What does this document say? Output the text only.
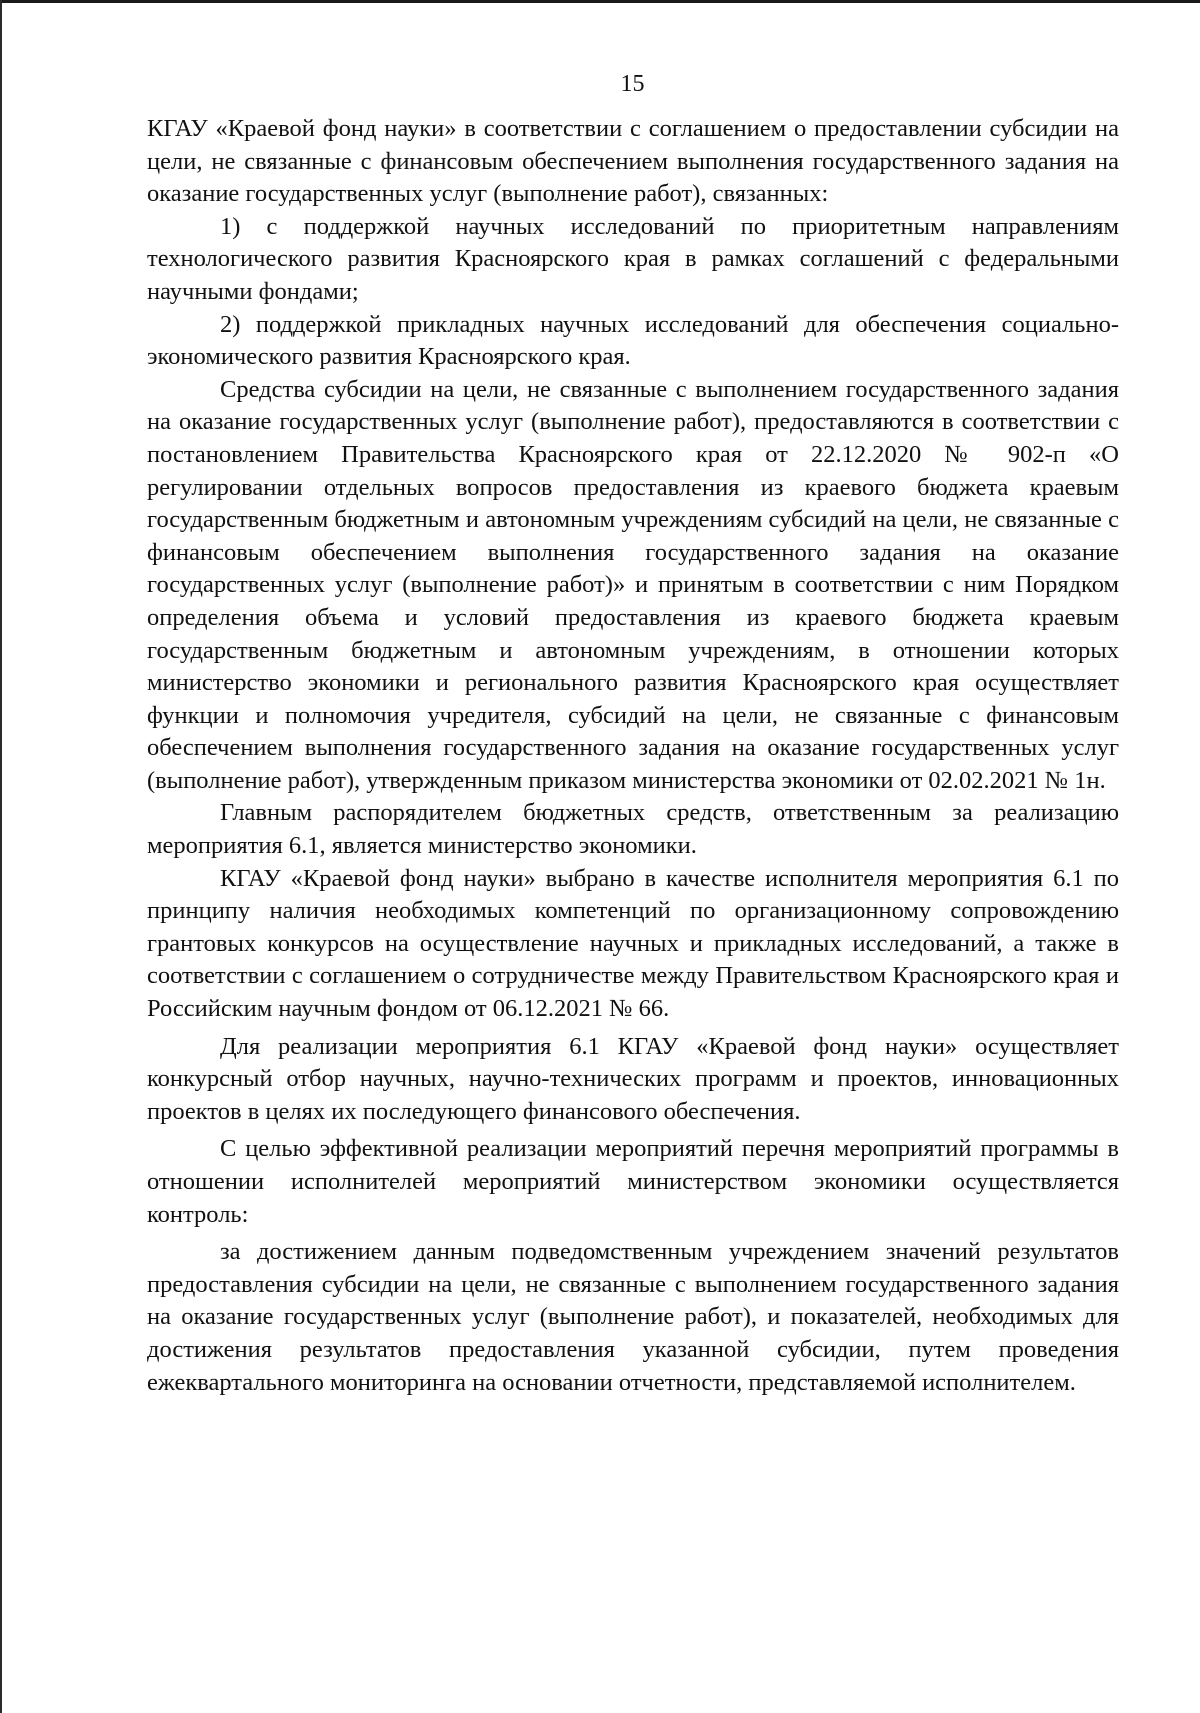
15

КГАУ «Краевой фонд науки» в соответствии с соглашением о предоставлении субсидии на цели, не связанные с финансовым обеспечением выполнения государственного задания на оказание государственных услуг (выполнение работ), связанных:

1) с поддержкой научных исследований по приоритетным направлениям технологического развития Красноярского края в рамках соглашений с федеральными научными фондами;

2) поддержкой прикладных научных исследований для обеспечения социально-экономического развития Красноярского края.

Средства субсидии на цели, не связанные с выполнением государственного задания на оказание государственных услуг (выполнение работ), предоставляются в соответствии с постановлением Правительства Красноярского края от 22.12.2020 № 902-п «О регулировании отдельных вопросов предоставления из краевого бюджета краевым государственным бюджетным и автономным учреждениям субсидий на цели, не связанные с финансовым обеспечением выполнения государственного задания на оказание государственных услуг (выполнение работ)» и принятым в соответствии с ним Порядком определения объема и условий предоставления из краевого бюджета краевым государственным бюджетным и автономным учреждениям, в отношении которых министерство экономики и регионального развития Красноярского края осуществляет функции и полномочия учредителя, субсидий на цели, не связанные с финансовым обеспечением выполнения государственного задания на оказание государственных услуг (выполнение работ), утвержденным приказом министерства экономики от 02.02.2021 № 1н.

Главным распорядителем бюджетных средств, ответственным за реализацию мероприятия 6.1, является министерство экономики.

КГАУ «Краевой фонд науки» выбрано в качестве исполнителя мероприятия 6.1 по принципу наличия необходимых компетенций по организационному сопровождению грантовых конкурсов на осуществление научных и прикладных исследований, а также в соответствии с соглашением о сотрудничестве между Правительством Красноярского края и Российским научным фондом от 06.12.2021 № 66.

Для реализации мероприятия 6.1 КГАУ «Краевой фонд науки» осуществляет конкурсный отбор научных, научно-технических программ и проектов, инновационных проектов в целях их последующего финансового обеспечения.

С целью эффективной реализации мероприятий перечня мероприятий программы в отношении исполнителей мероприятий министерством экономики осуществляется контроль:

за достижением данным подведомственным учреждением значений результатов предоставления субсидии на цели, не связанные с выполнением государственного задания на оказание государственных услуг (выполнение работ), и показателей, необходимых для достижения результатов предоставления указанной субсидии, путем проведения ежеквартального мониторинга на основании отчетности, представляемой исполнителем.
